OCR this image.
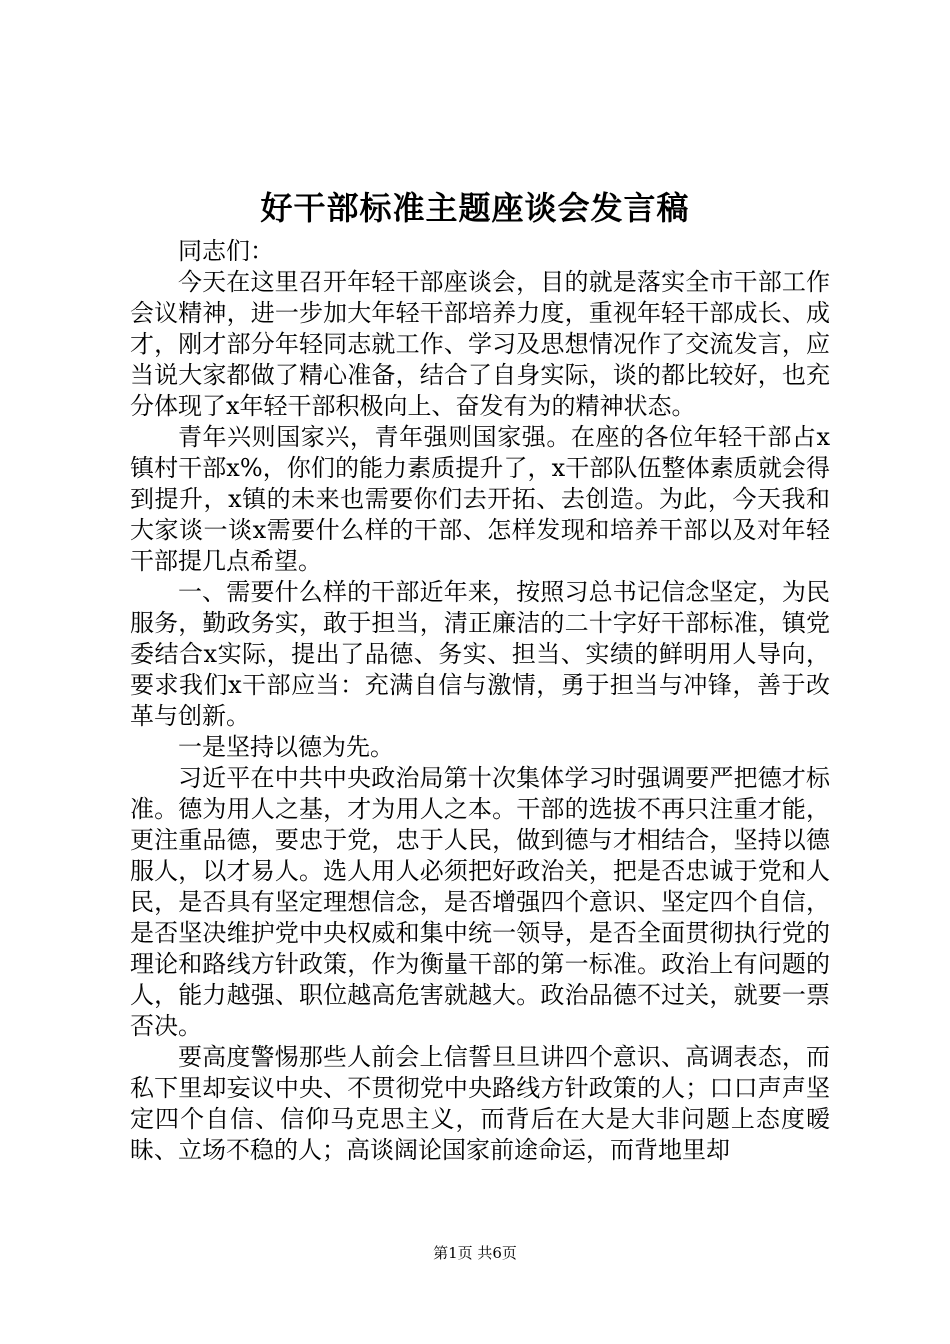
好干部标准主题座谈会发言稿

同志们：

今天在这里召开年轻干部座谈会，目的就是落实全市干部工作会议精神，进一步加大年轻干部培养力度，重视年轻干部成长、成才，刚才部分年轻同志就工作、学习及思想情况作了交流发言，应当说大家都做了精心准备，结合了自身实际，谈的都比较好，也充分体现了x年轻干部积极向上、奋发有为的精神状态。

青年兴则国家兴，青年强则国家强。在座的各位年轻干部占x镇村干部x%，你们的能力素质提升了，x干部队伍整体素质就会得到提升，x镇的未来也需要你们去开拓、去创造。为此，今天我和大家谈一谈x需要什么样的干部、怎样发现和培养干部以及对年轻干部提几点希望。

一、需要什么样的干部近年来，按照习总书记信念坚定，为民服务，勤政务实，敢于担当，清正廉洁的二十字好干部标准，镇党委结合x实际，提出了品德、务实、担当、实绩的鲜明用人导向，要求我们x干部应当：充满自信与激情，勇于担当与冲锋，善于改革与创新。

一是坚持以德为先。

习近平在中共中央政治局第十次集体学习时强调要严把德才标准。德为用人之基，才为用人之本。干部的选拔不再只注重才能，更注重品德，要忠于党，忠于人民，做到德与才相结合，坚持以德服人，以才易人。选人用人必须把好政治关，把是否忠诚于党和人民，是否具有坚定理想信念，是否增强四个意识、坚定四个自信，是否坚决维护党中央权威和集中统一领导，是否全面贯彻执行党的理论和路线方针政策，作为衡量干部的第一标准。政治上有问题的人，能力越强、职位越高危害就越大。政治品德不过关，就要一票否决。

要高度警惕那些人前会上信誓旦旦讲四个意识、高调表态，而私下里却妄议中央、不贯彻党中央路线方针政策的人；口口声声坚定四个自信、信仰马克思主义，而背后在大是大非问题上态度暧昧、立场不稳的人；高谈阔论国家前途命运，而背地里却

第1页 共6页
